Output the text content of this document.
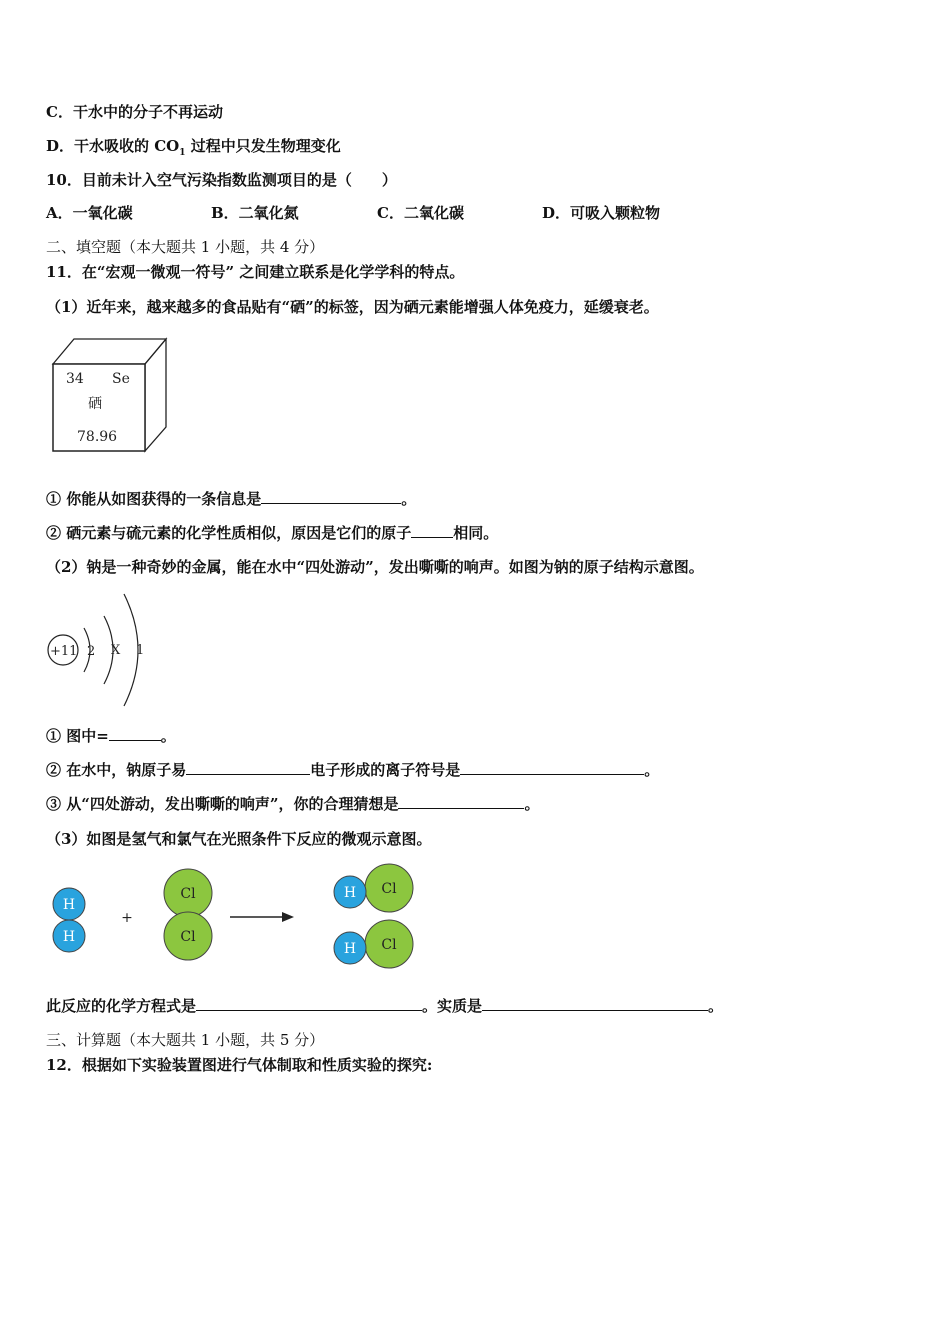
C．干水中的分子不再运动
D．干水吸收的 $CO_1$ 过程中只发生物理变化
10．目前未计入空气污染指数监测项目的是（　　）
A．一氧化碳	B．二氧化氮	C．二氧化碳	D．可吸入颗粒物
二、填空题（本大题共 1 小题，共 4 分）
11．在“宏观一微观一符号” 之间建立联系是化学学科的特点。
（1）近年来，越来越多的食品贴有“硒”的标签，因为硒元素能增强人体免疫力，延缓衰老。
34 Se
硒
78.96
① 你能从如图获得的一条信息是	。
② 硒元素与硫元素的化学性质相似，原因是它们的原子	相同。
（2）钠是一种奇妙的金属，能在水中“四处游动”，发出嘶嘶的响声。如图为钠的原子结构示意图。
+11 2 X 1
① 图中=	。
② 在水中，钠原子易	电子形成的离子符号是	。
③ 从“四处游动，发出嘶嘶的响声”，你的合理猜想是	。
（3）如图是氢气和氯气在光照条件下反应的微观示意图。
H
H
+
Cl
Cl
Cl
H
Cl
H
此反应的化学方程式是	。实质是	。
三、计算题（本大题共 1 小题，共 5 分）
12．根据如下实验装置图进行气体制取和性质实验的探究:
